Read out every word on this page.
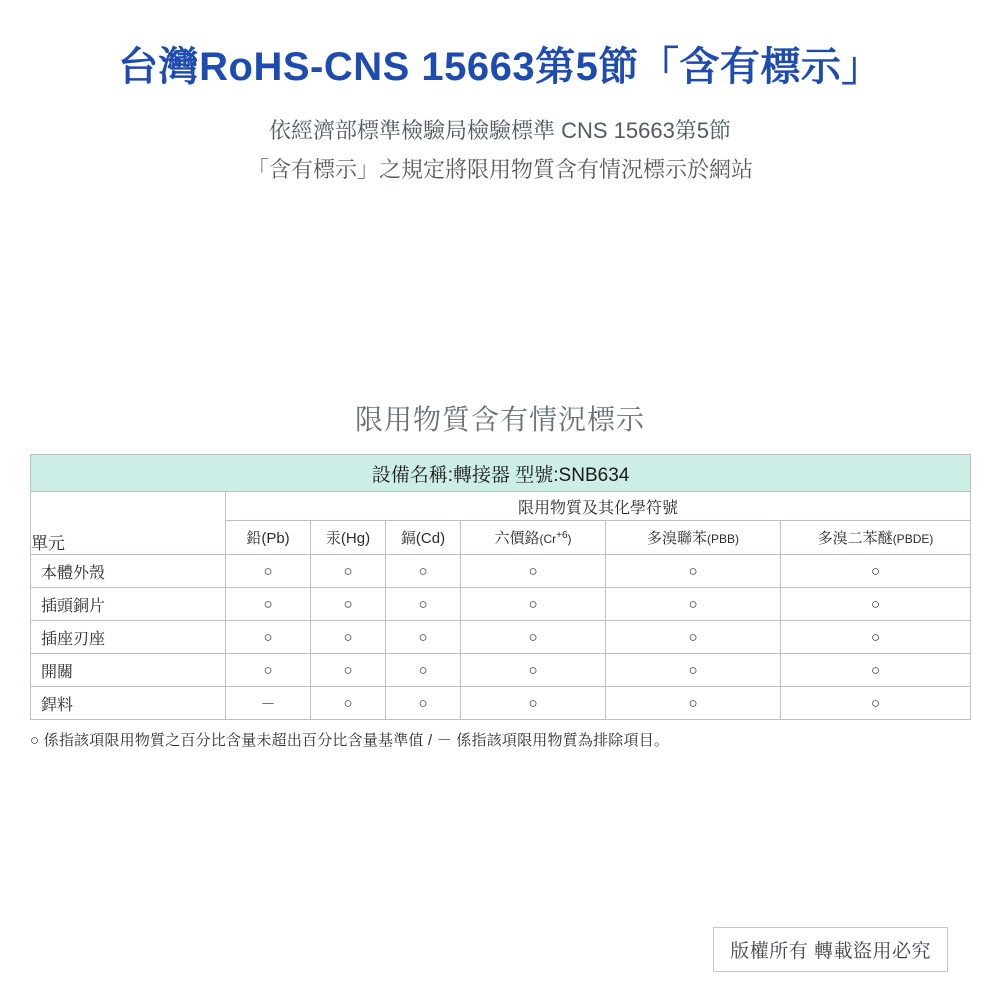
台灣RoHS-CNS 15663第5節「含有標示」
依經濟部標準檢驗局檢驗標準 CNS 15663第5節
「含有標示」之規定將限用物質含有情況標示於網站
限用物質含有情況標示
設備名稱:轉接器 型號:SNB634						
單元	限用物質及其化學符號					
	鉛(Pb)	汞(Hg)	鎘(Cd)	六價鉻$(Cr^{+6})$	多溴聯苯(PBB)	多溴二苯醚(PBDE)
本體外殼	○	○	○	○	○	○
插頭銅片	○	○	○	○	○	○
插座刃座	○	○	○	○	○	○
開關	○	○	○	○	○	○
銲料	－	○	○	○	○	○
○ 係指該項限用物質之百分比含量未超出百分比含量基準值 / － 係指該項限用物質為排除項目。
版權所有 轉載盜用必究
